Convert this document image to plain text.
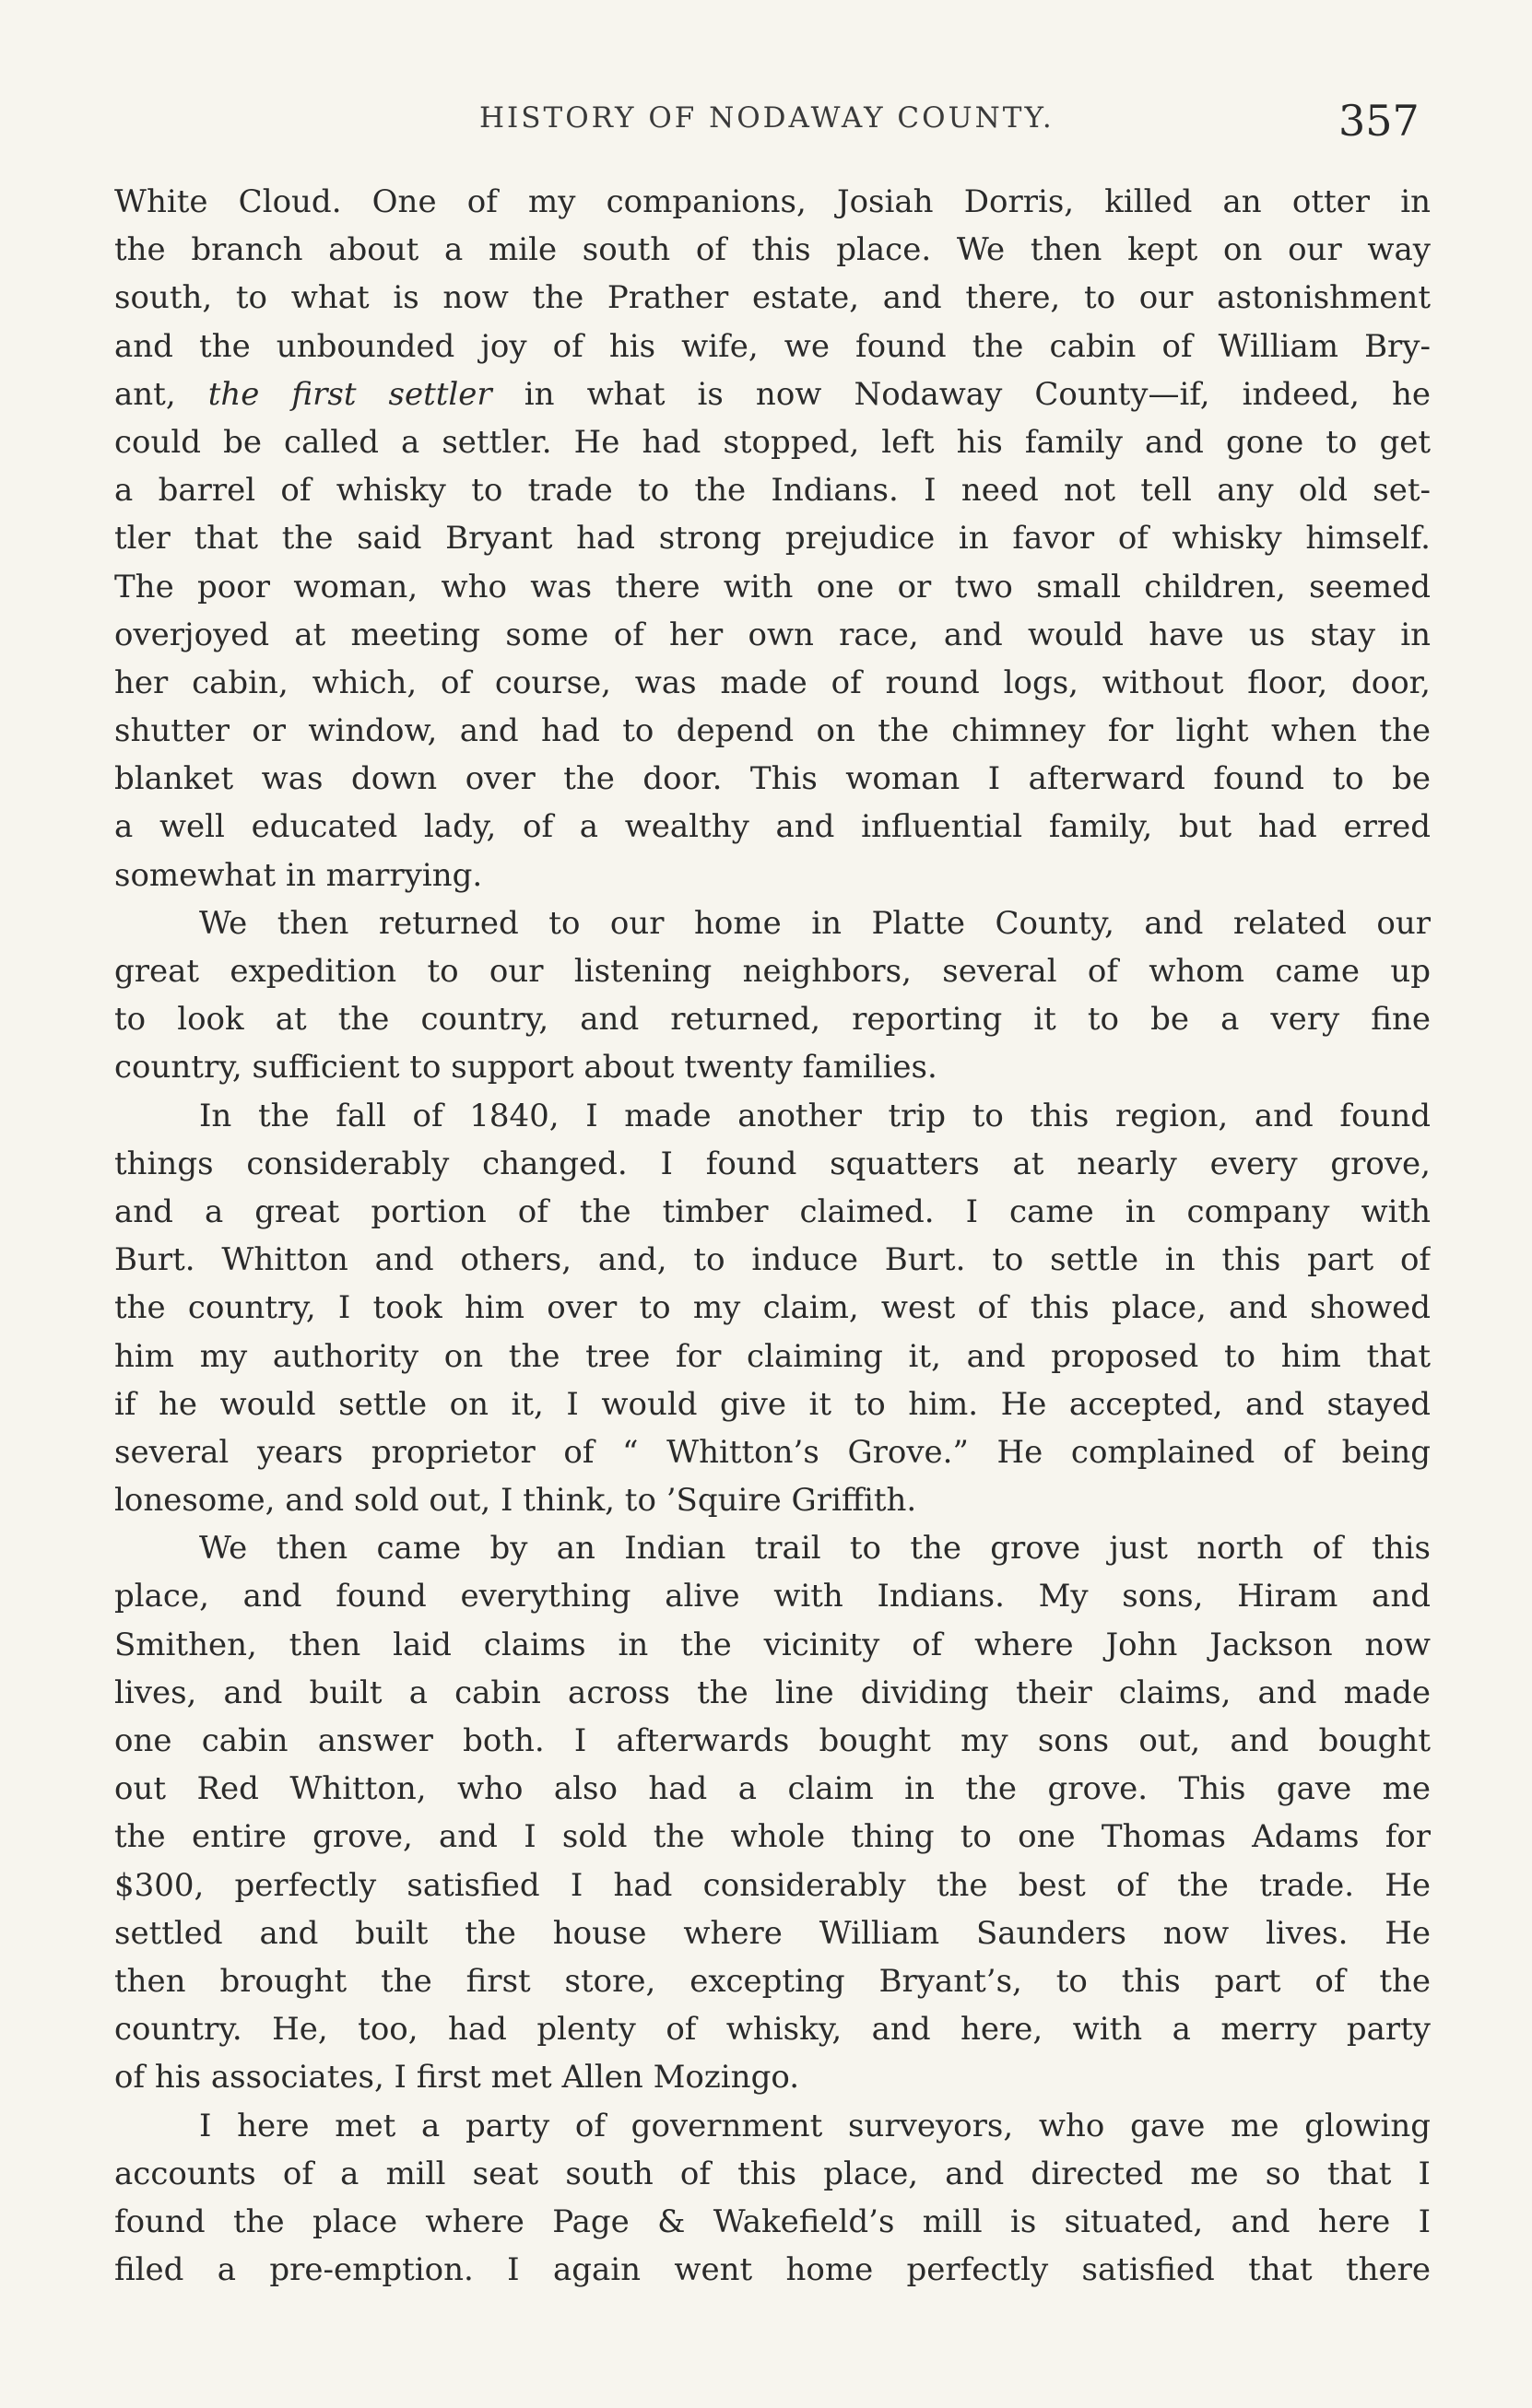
HISTORY OF NODAWAY COUNTY.	357
White Cloud. One of my companions, Josiah Dorris, killed an otter in
the branch about a mile south of this place. We then kept on our way
south, to what is now the Prather estate, and there, to our astonishment
and the unbounded joy of his wife, we found the cabin of William Bry-
ant, the first settler in what is now Nodaway County—if, indeed, he
could be called a settler. He had stopped, left his family and gone to get
a barrel of whisky to trade to the Indians. I need not tell any old set-
tler that the said Bryant had strong prejudice in favor of whisky himself.
The poor woman, who was there with one or two small children, seemed
overjoyed at meeting some of her own race, and would have us stay in
her cabin, which, of course, was made of round logs, without floor, door,
shutter or window, and had to depend on the chimney for light when the
blanket was down over the door. This woman I afterward found to be
a well educated lady, of a wealthy and influential family, but had erred
somewhat in marrying.
We then returned to our home in Platte County, and related our
great expedition to our listening neighbors, several of whom came up
to look at the country, and returned, reporting it to be a very fine
country, sufficient to support about twenty families.
In the fall of 1840, I made another trip to this region, and found
things considerably changed. I found squatters at nearly every grove,
and a great portion of the timber claimed. I came in company with
Burt. Whitton and others, and, to induce Burt. to settle in this part of
the country, I took him over to my claim, west of this place, and showed
him my authority on the tree for claiming it, and proposed to him that
if he would settle on it, I would give it to him. He accepted, and stayed
several years proprietor of “ Whitton’s Grove.” He complained of being
lonesome, and sold out, I think, to ’Squire Griffith.
We then came by an Indian trail to the grove just north of this
place, and found everything alive with Indians. My sons, Hiram and
Smithen, then laid claims in the vicinity of where John Jackson now
lives, and built a cabin across the line dividing their claims, and made
one cabin answer both. I afterwards bought my sons out, and bought
out Red Whitton, who also had a claim in the grove. This gave me
the entire grove, and I sold the whole thing to one Thomas Adams for
$300, perfectly satisfied I had considerably the best of the trade. He
settled and built the house where William Saunders now lives. He
then brought the first store, excepting Bryant’s, to this part of the
country. He, too, had plenty of whisky, and here, with a merry party
of his associates, I first met Allen Mozingo.
I here met a party of government surveyors, who gave me glowing
accounts of a mill seat south of this place, and directed me so that I
found the place where Page & Wakefield’s mill is situated, and here I
filed a pre-emption. I again went home perfectly satisfied that there
